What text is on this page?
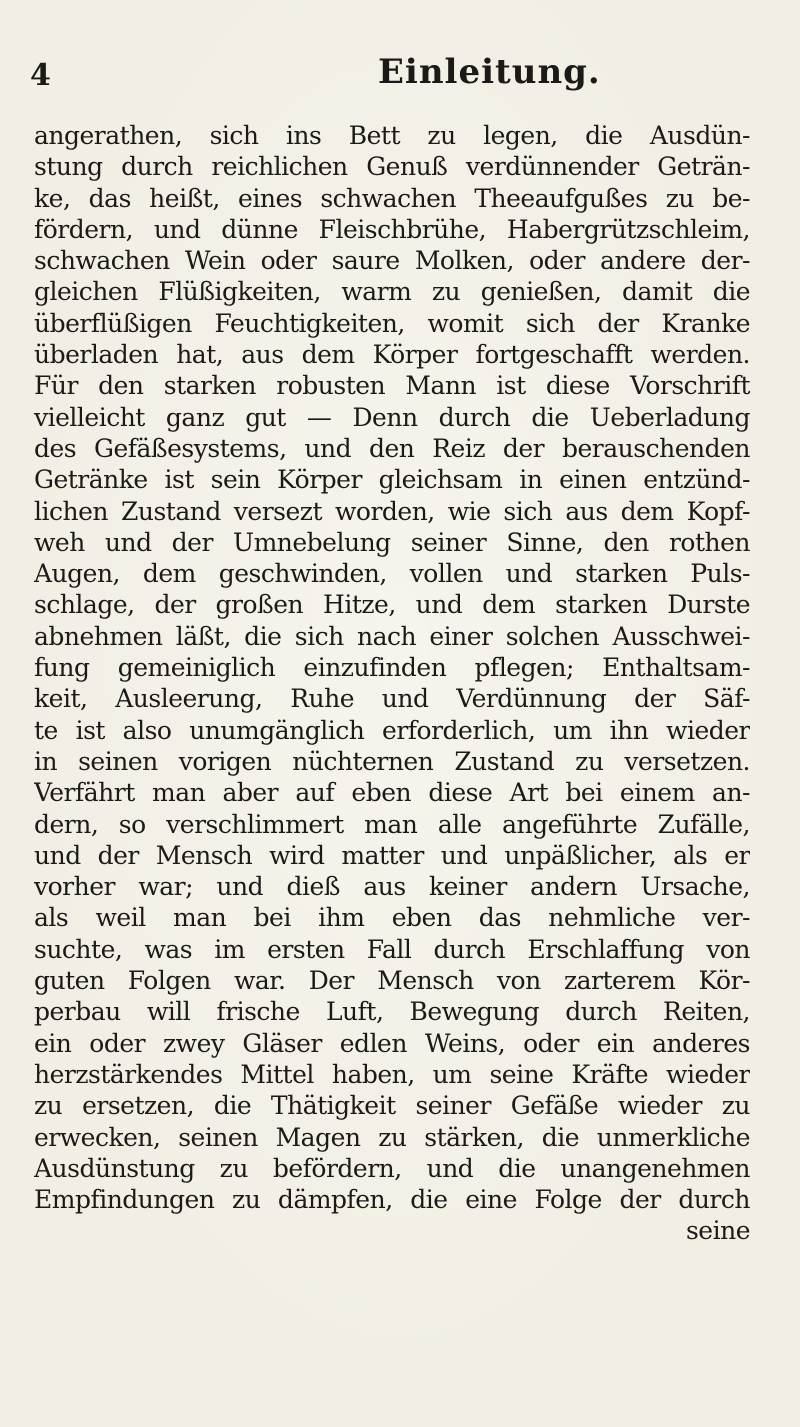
4	Einleitung.
angerathen, sich ins Bett zu legen, die Ausdün-
stung durch reichlichen Genuß verdünnender Geträn-
ke, das heißt, eines schwachen Theeaufgußes zu be-
fördern, und dünne Fleischbrühe, Habergrützschleim,
schwachen Wein oder saure Molken, oder andere der-
gleichen Flüßigkeiten, warm zu genießen, damit die
überflüßigen Feuchtigkeiten, womit sich der Kranke
überladen hat, aus dem Körper fortgeschafft werden.
Für den starken robusten Mann ist diese Vorschrift
vielleicht ganz gut — Denn durch die Ueberladung
des Gefäßesystems, und den Reiz der berauschenden
Getränke ist sein Körper gleichsam in einen entzünd-
lichen Zustand versezt worden, wie sich aus dem Kopf-
weh und der Umnebelung seiner Sinne, den rothen
Augen, dem geschwinden, vollen und starken Puls-
schlage, der großen Hitze, und dem starken Durste
abnehmen läßt, die sich nach einer solchen Ausschwei-
fung gemeiniglich einzufinden pflegen; Enthaltsam-
keit, Ausleerung, Ruhe und Verdünnung der Säf-
te ist also unumgänglich erforderlich, um ihn wieder
in seinen vorigen nüchternen Zustand zu versetzen.
Verfährt man aber auf eben diese Art bei einem an-
dern, so verschlimmert man alle angeführte Zufälle,
und der Mensch wird matter und unpäßlicher, als er
vorher war; und dieß aus keiner andern Ursache,
als weil man bei ihm eben das nehmliche ver-
suchte, was im ersten Fall durch Erschlaffung von
guten Folgen war. Der Mensch von zarterem Kör-
perbau will frische Luft, Bewegung durch Reiten,
ein oder zwey Gläser edlen Weins, oder ein anderes
herzstärkendes Mittel haben, um seine Kräfte wieder
zu ersetzen, die Thätigkeit seiner Gefäße wieder zu
erwecken, seinen Magen zu stärken, die unmerkliche
Ausdünstung zu befördern, und die unangenehmen
Empfindungen zu dämpfen, die eine Folge der durch
seine
